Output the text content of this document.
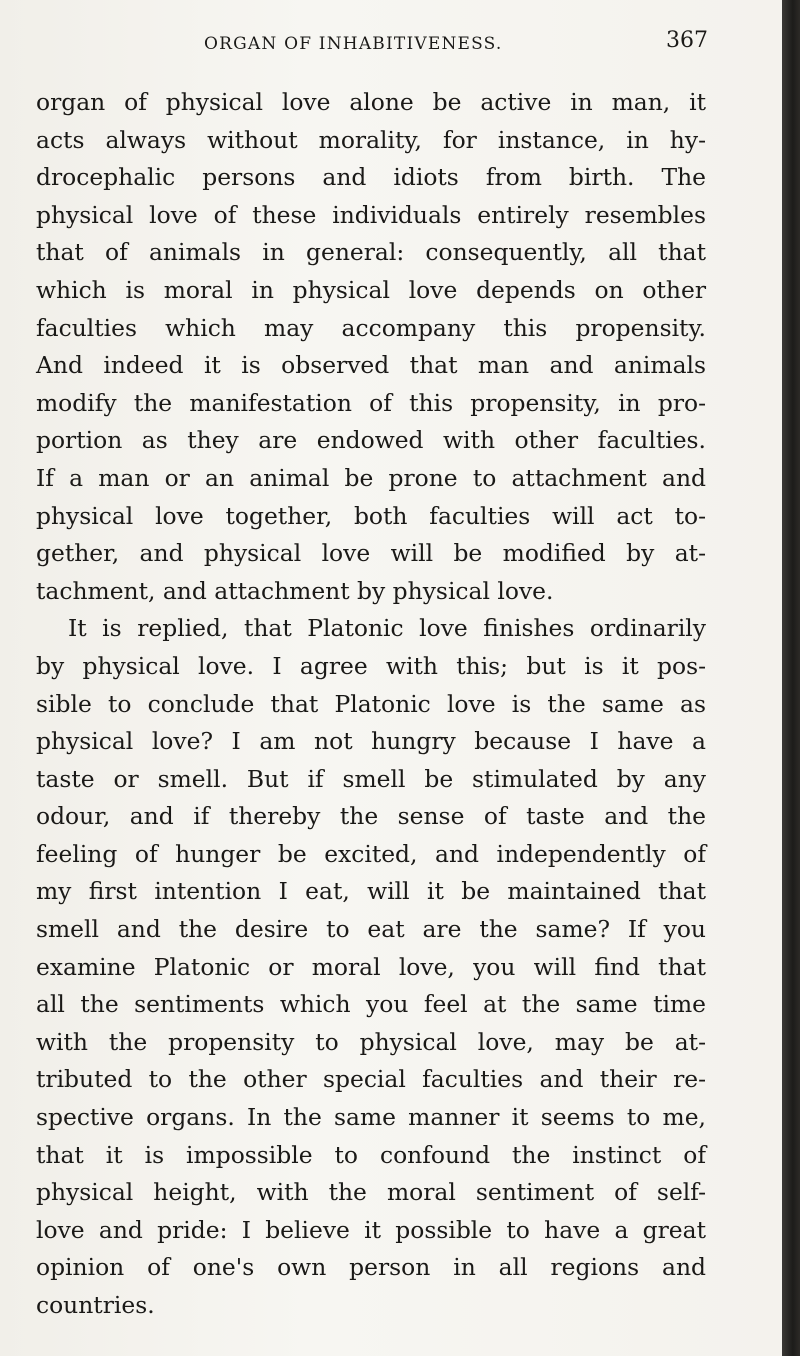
ORGAN OF INHABITIVENESS.	367
organ of physical love alone be active in man, it
acts always without morality, for instance, in hy-
drocephalic persons and idiots from birth. The
physical love of these individuals entirely resembles
that of animals in general: consequently, all that
which is moral in physical love depends on other
faculties which may accompany this propensity.
And indeed it is observed that man and animals
modify the manifestation of this propensity, in pro-
portion as they are endowed with other faculties.
If a man or an animal be prone to attachment and
physical love together, both faculties will act to-
gether, and physical love will be modified by at-
tachment, and attachment by physical love.
It is replied, that Platonic love finishes ordinarily
by physical love. I agree with this; but is it pos-
sible to conclude that Platonic love is the same as
physical love? I am not hungry because I have a
taste or smell. But if smell be stimulated by any
odour, and if thereby the sense of taste and the
feeling of hunger be excited, and independently of
my first intention I eat, will it be maintained that
smell and the desire to eat are the same? If you
examine Platonic or moral love, you will find that
all the sentiments which you feel at the same time
with the propensity to physical love, may be at-
tributed to the other special faculties and their re-
spective organs. In the same manner it seems to me,
that it is impossible to confound the instinct of
physical height, with the moral sentiment of self-
love and pride: I believe it possible to have a great
opinion of one's own person in all regions and
countries.
